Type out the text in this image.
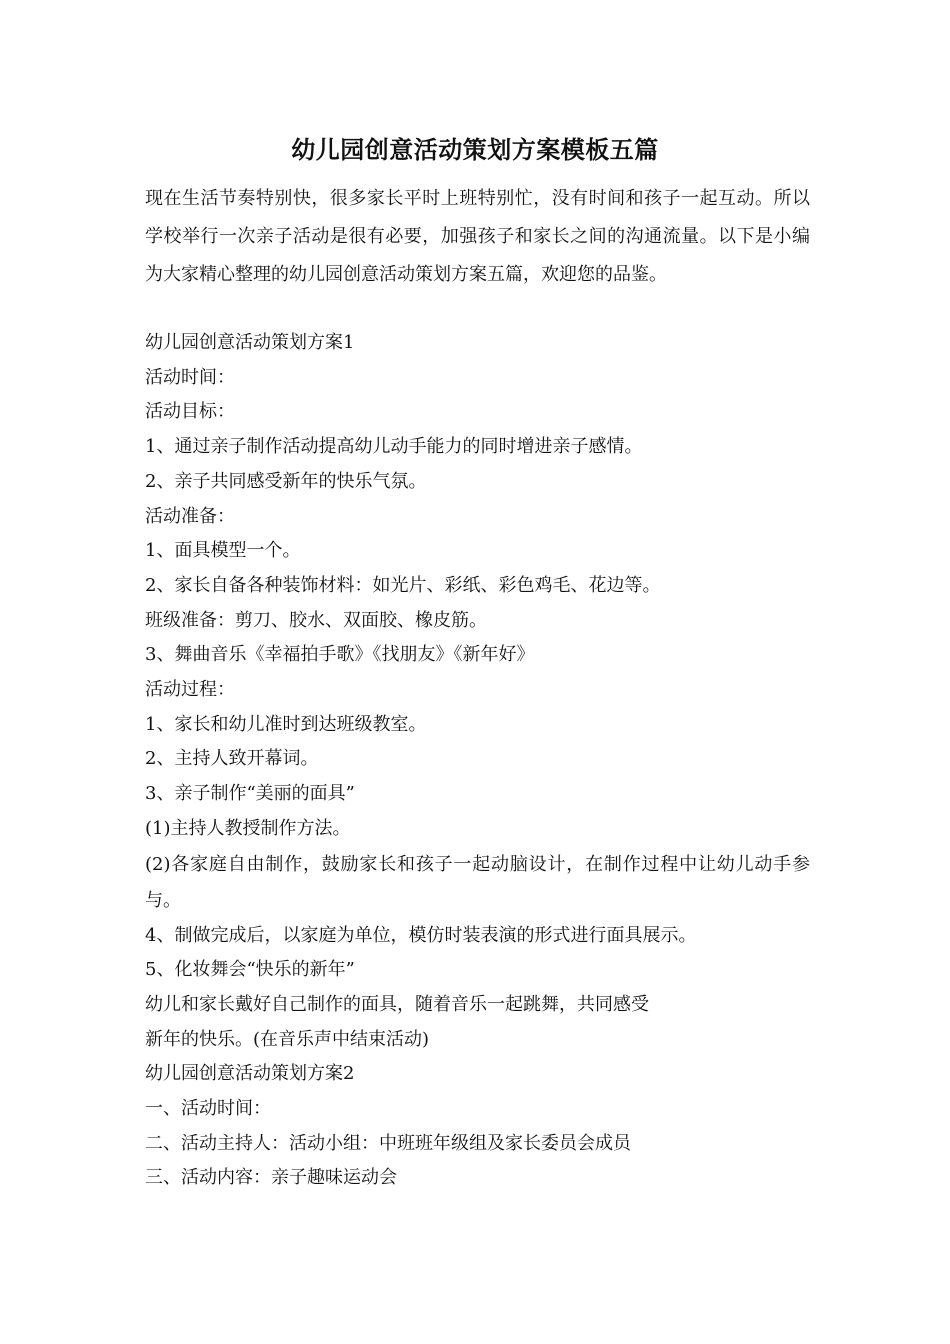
幼儿园创意活动策划方案模板五篇

现在生活节奏特别快，很多家长平时上班特别忙，没有时间和孩子一起互动。所以学校举行一次亲子活动是很有必要，加强孩子和家长之间的沟通流量。以下是小编为大家精心整理的幼儿园创意活动策划方案五篇，欢迎您的品鉴。

幼儿园创意活动策划方案1
活动时间：
活动目标：
1、通过亲子制作活动提高幼儿动手能力的同时增进亲子感情。
2、亲子共同感受新年的快乐气氛。
活动准备：
1、面具模型一个。
2、家长自备各种装饰材料：如光片、彩纸、彩色鸡毛、花边等。
班级准备：剪刀、胶水、双面胶、橡皮筋。
3、舞曲音乐《幸福拍手歌》《找朋友》《新年好》
活动过程：
1、家长和幼儿准时到达班级教室。
2、主持人致开幕词。
3、亲子制作“美丽的面具”
(1)主持人教授制作方法。
(2)各家庭自由制作，鼓励家长和孩子一起动脑设计，在制作过程中让幼儿动手参与。
4、制做完成后，以家庭为单位，模仿时装表演的形式进行面具展示。
5、化妆舞会“快乐的新年”
幼儿和家长戴好自己制作的面具，随着音乐一起跳舞，共同感受
新年的快乐。(在音乐声中结束活动)
幼儿园创意活动策划方案2
一、活动时间：
二、活动主持人：活动小组：中班班年级组及家长委员会成员
三、活动内容：亲子趣味运动会
